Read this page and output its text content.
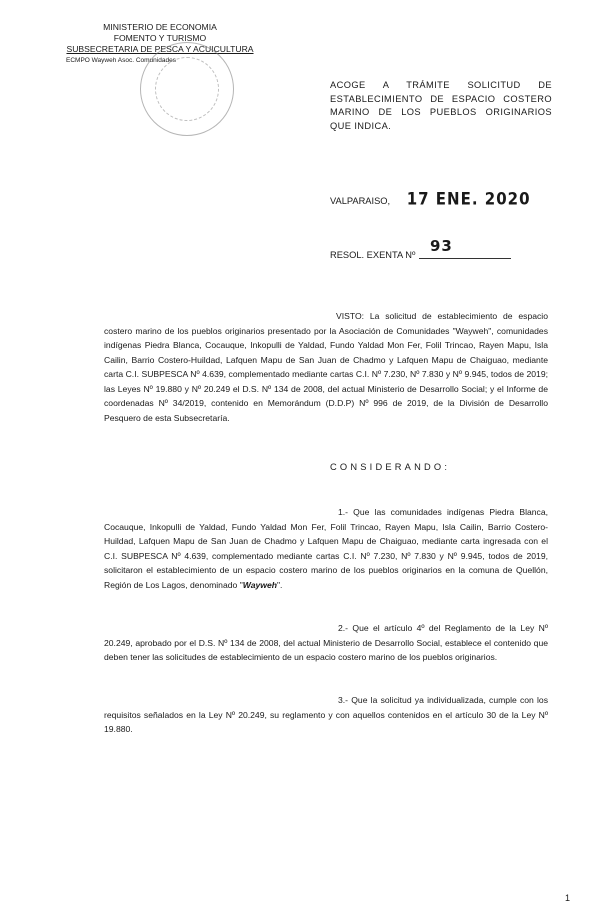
MINISTERIO DE ECONOMIA
FOMENTO Y TURISMO
SUBSECRETARIA DE PESCA Y ACUICULTURA
ECMPO Wayweh Asoc. Comunidades
ACOGE A TRÁMITE SOLICITUD DE ESTABLECIMIENTO DE ESPACIO COSTERO MARINO DE LOS PUEBLOS ORIGINARIOS QUE INDICA.
VALPARAISO, 17 ENE. 2020
RESOL. EXENTA Nº 93
VISTO: La solicitud de establecimiento de espacio costero marino de los pueblos originarios presentado por la Asociación de Comunidades "Wayweh", comunidades indígenas Piedra Blanca, Cocauque, Inkopulli de Yaldad, Fundo Yaldad Mon Fer, Folil Trincao, Rayen Mapu, Isla Cailin, Barrio Costero-Huildad, Lafquen Mapu de San Juan de Chadmo y Lafquen Mapu de Chaiguao, mediante carta C.I. SUBPESCA Nº 4.639, complementado mediante cartas C.I. Nº 7.230, Nº 7.830 y Nº 9.945, todos de 2019; las Leyes Nº 19.880 y Nº 20.249 el D.S. Nº 134 de 2008, del actual Ministerio de Desarrollo Social; y el Informe de coordenadas Nº 34/2019, contenido en Memorándum (D.D.P) Nº 996 de 2019, de la División de Desarrollo Pesquero de esta Subsecretaría.
CONSIDERANDO:
1.- Que las comunidades indígenas Piedra Blanca, Cocauque, Inkopulli de Yaldad, Fundo Yaldad Mon Fer, Folil Trincao, Rayen Mapu, Isla Cailin, Barrio Costero-Huildad, Lafquen Mapu de San Juan de Chadmo y Lafquen Mapu de Chaiguao, mediante carta ingresada con el C.I. SUBPESCA Nº 4.639, complementado mediante cartas C.I. Nº 7.230, Nº 7.830 y Nº 9.945, todos de 2019, solicitaron el establecimiento de un espacio costero marino de los pueblos originarios en la comuna de Quellón, Región de Los Lagos, denominado "Wayweh".
2.- Que el artículo 4º del Reglamento de la Ley Nº 20.249, aprobado por el D.S. Nº 134 de 2008, del actual Ministerio de Desarrollo Social, establece el contenido que deben tener las solicitudes de establecimiento de un espacio costero marino de los pueblos originarios.
3.- Que la solicitud ya individualizada, cumple con los requisitos señalados en la Ley Nº 20.249, su reglamento y con aquellos contenidos en el artículo 30 de la Ley Nº 19.880.
1
